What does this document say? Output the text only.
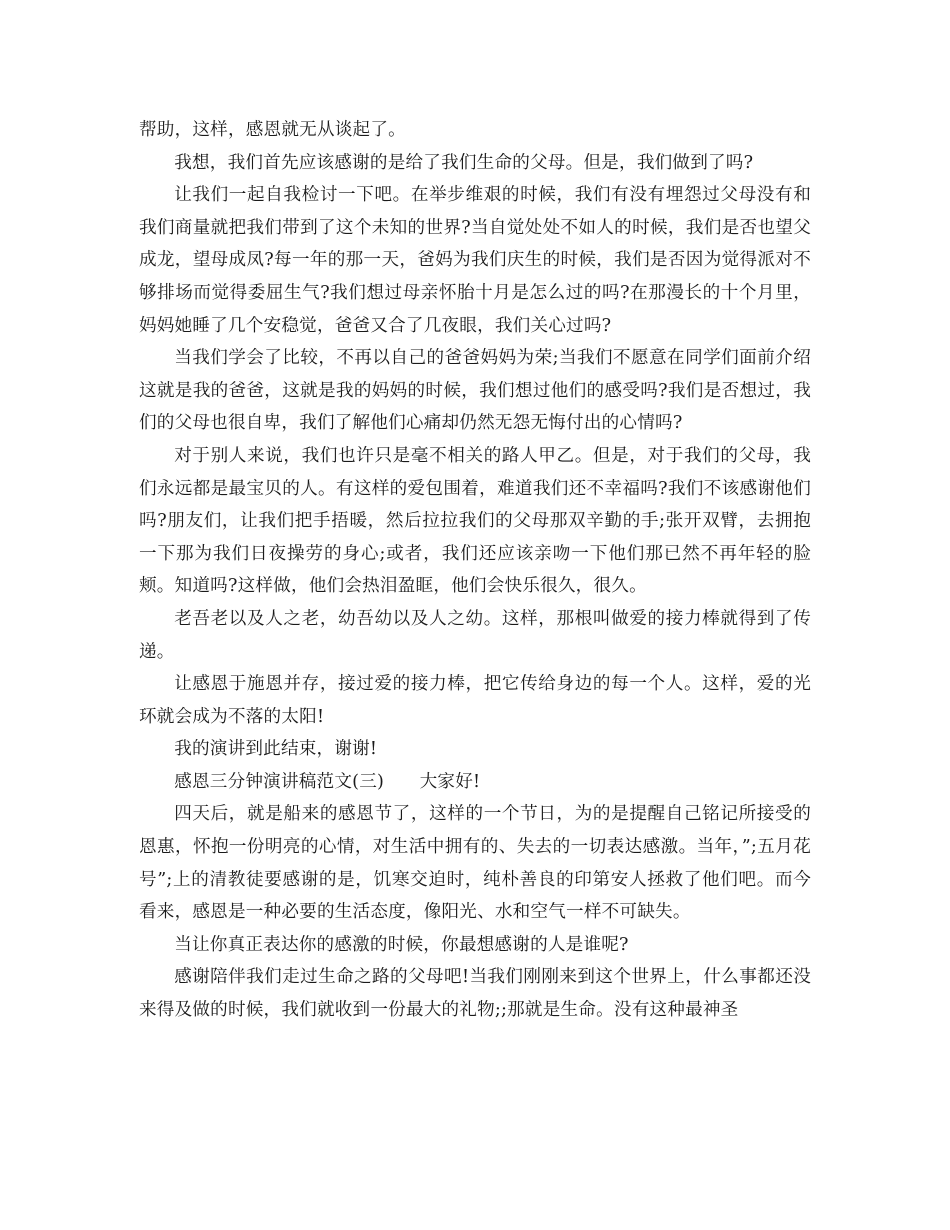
帮助，这样，感恩就无从谈起了。

我想，我们首先应该感谢的是给了我们生命的父母。但是，我们做到了吗?

让我们一起自我检讨一下吧。在举步维艰的时候，我们有没有埋怨过父母没有和我们商量就把我们带到了这个未知的世界?当自觉处处不如人的时候，我们是否也望父成龙，望母成凤?每一年的那一天，爸妈为我们庆生的时候，我们是否因为觉得派对不够排场而觉得委屈生气?我们想过母亲怀胎十月是怎么过的吗?在那漫长的十个月里，妈妈她睡了几个安稳觉，爸爸又合了几夜眼，我们关心过吗?

当我们学会了比较，不再以自己的爸爸妈妈为荣;当我们不愿意在同学们面前介绍这就是我的爸爸，这就是我的妈妈的时候，我们想过他们的感受吗?我们是否想过，我们的父母也很自卑，我们了解他们心痛却仍然无怨无悔付出的心情吗?

对于别人来说，我们也许只是毫不相关的路人甲乙。但是，对于我们的父母，我们永远都是最宝贝的人。有这样的爱包围着，难道我们还不幸福吗?我们不该感谢他们吗?朋友们，让我们把手捂暖，然后拉拉我们的父母那双辛勤的手;张开双臂，去拥抱一下那为我们日夜操劳的身心;或者，我们还应该亲吻一下他们那已然不再年轻的脸颊。知道吗?这样做，他们会热泪盈眶，他们会快乐很久，很久。

老吾老以及人之老，幼吾幼以及人之幼。这样，那根叫做爱的接力棒就得到了传递。

让感恩于施恩并存，接过爱的接力棒，把它传给身边的每一个人。这样，爱的光环就会成为不落的太阳!

我的演讲到此结束，谢谢!

感恩三分钟演讲稿范文(三)　　大家好!

四天后，就是船来的感恩节了，这样的一个节日，为的是提醒自己铭记所接受的恩惠，怀抱一份明亮的心情，对生活中拥有的、失去的一切表达感激。当年，”;五月花号”;上的清教徒要感谢的是，饥寒交迫时，纯朴善良的印第安人拯救了他们吧。而今看来，感恩是一种必要的生活态度，像阳光、水和空气一样不可缺失。

当让你真正表达你的感激的时候，你最想感谢的人是谁呢?

感谢陪伴我们走过生命之路的父母吧!当我们刚刚来到这个世界上，什么事都还没来得及做的时候，我们就收到一份最大的礼物;;那就是生命。没有这种最神圣
